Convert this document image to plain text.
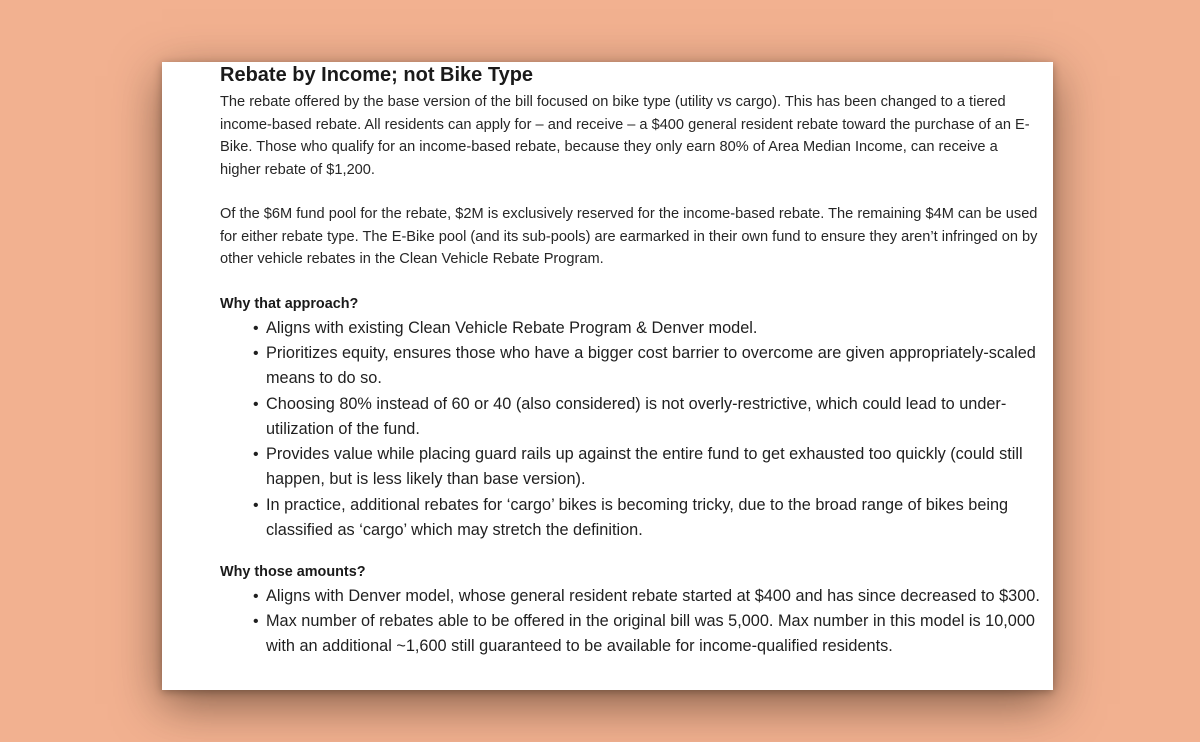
Rebate by Income; not Bike Type

The rebate offered by the base version of the bill focused on bike type (utility vs cargo). This has been changed to a tiered income-based rebate. All residents can apply for – and receive – a $400 general resident rebate toward the purchase of an E-Bike. Those who qualify for an income-based rebate, because they only earn 80% of Area Median Income, can receive a higher rebate of $1,200.

Of the $6M fund pool for the rebate, $2M is exclusively reserved for the income-based rebate. The remaining $4M can be used for either rebate type. The E-Bike pool (and its sub-pools) are earmarked in their own fund to ensure they aren’t infringed on by other vehicle rebates in the Clean Vehicle Rebate Program.

Why that approach?
• Aligns with existing Clean Vehicle Rebate Program & Denver model.
• Prioritizes equity, ensures those who have a bigger cost barrier to overcome are given appropriately-scaled means to do so.
• Choosing 80% instead of 60 or 40 (also considered) is not overly-restrictive, which could lead to under-utilization of the fund.
• Provides value while placing guard rails up against the entire fund to get exhausted too quickly (could still happen, but is less likely than base version).
• In practice, additional rebates for ‘cargo’ bikes is becoming tricky, due to the broad range of bikes being classified as ‘cargo’ which may stretch the definition.
Why those amounts?
• Aligns with Denver model, whose general resident rebate started at $400 and has since decreased to $300.
• Max number of rebates able to be offered in the original bill was 5,000. Max number in this model is 10,000 with an additional ~1,600 still guaranteed to be available for income-qualified residents.
